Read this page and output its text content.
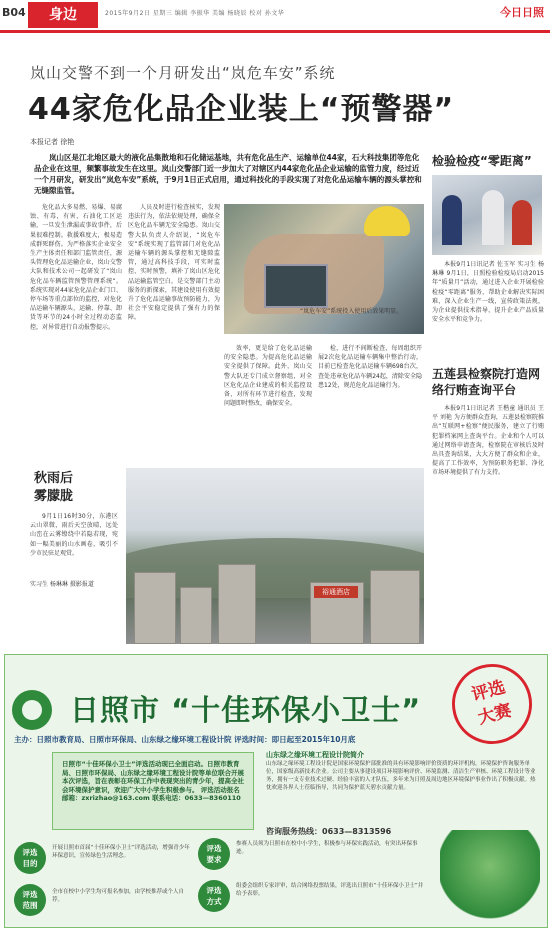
B04	身边	2015年9月2日 星期三 编辑 李振华 美编 杨晓辰 校对 孙文华	今日日照
岚山交警不到一个月研发出“岚危车安”系统
44家危化品企业装上“预警器”
本报记者 徐艳
岚山区是江北地区最大的液化品集散地和石化储运基地，共有危化品生产、运输单位44家，石大科技集团等危化品企业在这里，频繁事故发生在这里。岚山交警部门近一步加大了对辖区内44家危化品企业运输的监管力度，经过近一个月研发，研发出“岚危车安”系统，于9月1日正式启用，通过科技化的手段实现了对危化品运输车辆的源头掌控和无缝隙监管。
危化品大多易燃、易爆、易腐蚀、有毒，有害，石油化工区运输，一旦发生泄漏或事故事件，后果很难控制。救援难度大，极易造成群死群伤。为严格落实企业安全生产主体责任和部门监管责任，源头管理危化品运输企业，岚山交警大队和技术公司一起研发了“岚山危化品车辆监管预警管理系统”。系统实现对44家危化品企业门口、停车场等重点部位的监控，对危化品运输车辆源头、运输、停靠、卸货等环节的24小时全过程动态监控，对异常进行自动报警提示。
人员及时进行检查核实，发现违法行为，依法依规处理，确保全区危化品车辆无安全隐患。岚山交警大队负责人介绍说，“岚危车安”系统实现了监管部门对危化品运输车辆的源头掌控和无缝隙监管，通过高科技手段，可实时监控、实时预警，填补了岚山区危化品运输监管空白，是交警部门主动服务的新探索，其建设使用有效提升了危化品运输事故预防能力，为社会平安稳定提供了强有力的保障。
“岚危车安”系统投入使用后效果明显。
效率，更是给了危化品运输的安全隐患。为提高危化品运输安全提供了保障。此外，岚山交警大队还专门成立督察组，对全区危化品企业建成的相关监控设备，对所有环节进行检查，发现问题即时整改，确保安全。
检，进行不间断检查，每周组织开展2次危化品运输车辆集中整治行动，目前已检查危化品运输车辆698台次，查处违章危化品车辆24起，清除安全隐患12处，规范危化品运输行为。
检验检疫“零距离”
本报9月1日讯记者 佐玉军 实习生 杨琳琳 9月1日，日照检验检疫局启动2015年“质量月”活动，通过进入企业开展检验检疫“零距离”服务，帮助企业解决实际困难，深入企业生产一线，宣传政策法规，为企业提供技术指导，提升企业产品质量安全水平和竞争力。
五莲县检察院打造网络行贿查询平台
本报9月1日讯记者 王楷童 通讯员 王平 刘艳 为方便群众查询，五莲县检察院推出“互联网+检察”便民服务，建立了行贿犯罪档案网上查询平台。企业和个人可以通过网络申请查询，检察院在审核后及时出具查询结果，大大方便了群众和企业，提高了工作效率，为预防职务犯罪、净化市场环境提供了有力支持。
秋雨后
雾朦胧
9月1日16时30分，东港区云山翠微，雨后天空放晴，远处山峦在云雾缭绕中若隐若现，宛如一幅美丽的山水画卷，吸引不少市民驻足观赏。
实习生 杨琳琳 摄影报道
裕通酒店
日照市 “十佳环保小卫士”
评选
大赛
主办：日照市教育局、日照市环保局、山东绿之缘环境工程设计院 评选时间：即日起至2015年10月底
日照市“十佳环保小卫士”评选活动现已全面启动。日照市教育局、日照市环保局、山东绿之缘环境工程设计院等单位联合开展本次评选，旨在表彰在环保工作中表现突出的青少年，提高全社会环境保护意识，欢迎广大中小学生积极参与。 评选活动报名邮箱：zxrizhao@163.com 联系电话：0633—8360110
山东绿之缘环境工程设计院简介
山东绿之缘环境工程设计院是国家环境保护部批准的具有环境影响评价资质的环评机构，环境保护咨询服务单位，国家级高新技术企业。公司主要从事建设项目环境影响评价、环境监测、清洁生产审核、环境工程设计等业务，拥有一支专业技术过硬、经验丰富的人才队伍，多年来为日照及周边地区环境保护事业作出了积极贡献。热忱欢迎各界人士莅临指导，共同为保护蓝天碧水贡献力量。
咨询服务热线：0633—8313596
评选
目的
开展日照市首届“十佳环保小卫士”评选活动，增强青少年环保意识，宣传绿色生活理念。
评选
要求
参赛人员须为日照市在校中小学生，积极参与环保实践活动，有突出环保事迹。
评选
范围
全市在校中小学生均可报名参加，由学校推荐或个人自荐。
评选
方式
组委会组织专家评审，结合网络投票结果，评选出日照市“十佳环保小卫士”并给予表彰。
